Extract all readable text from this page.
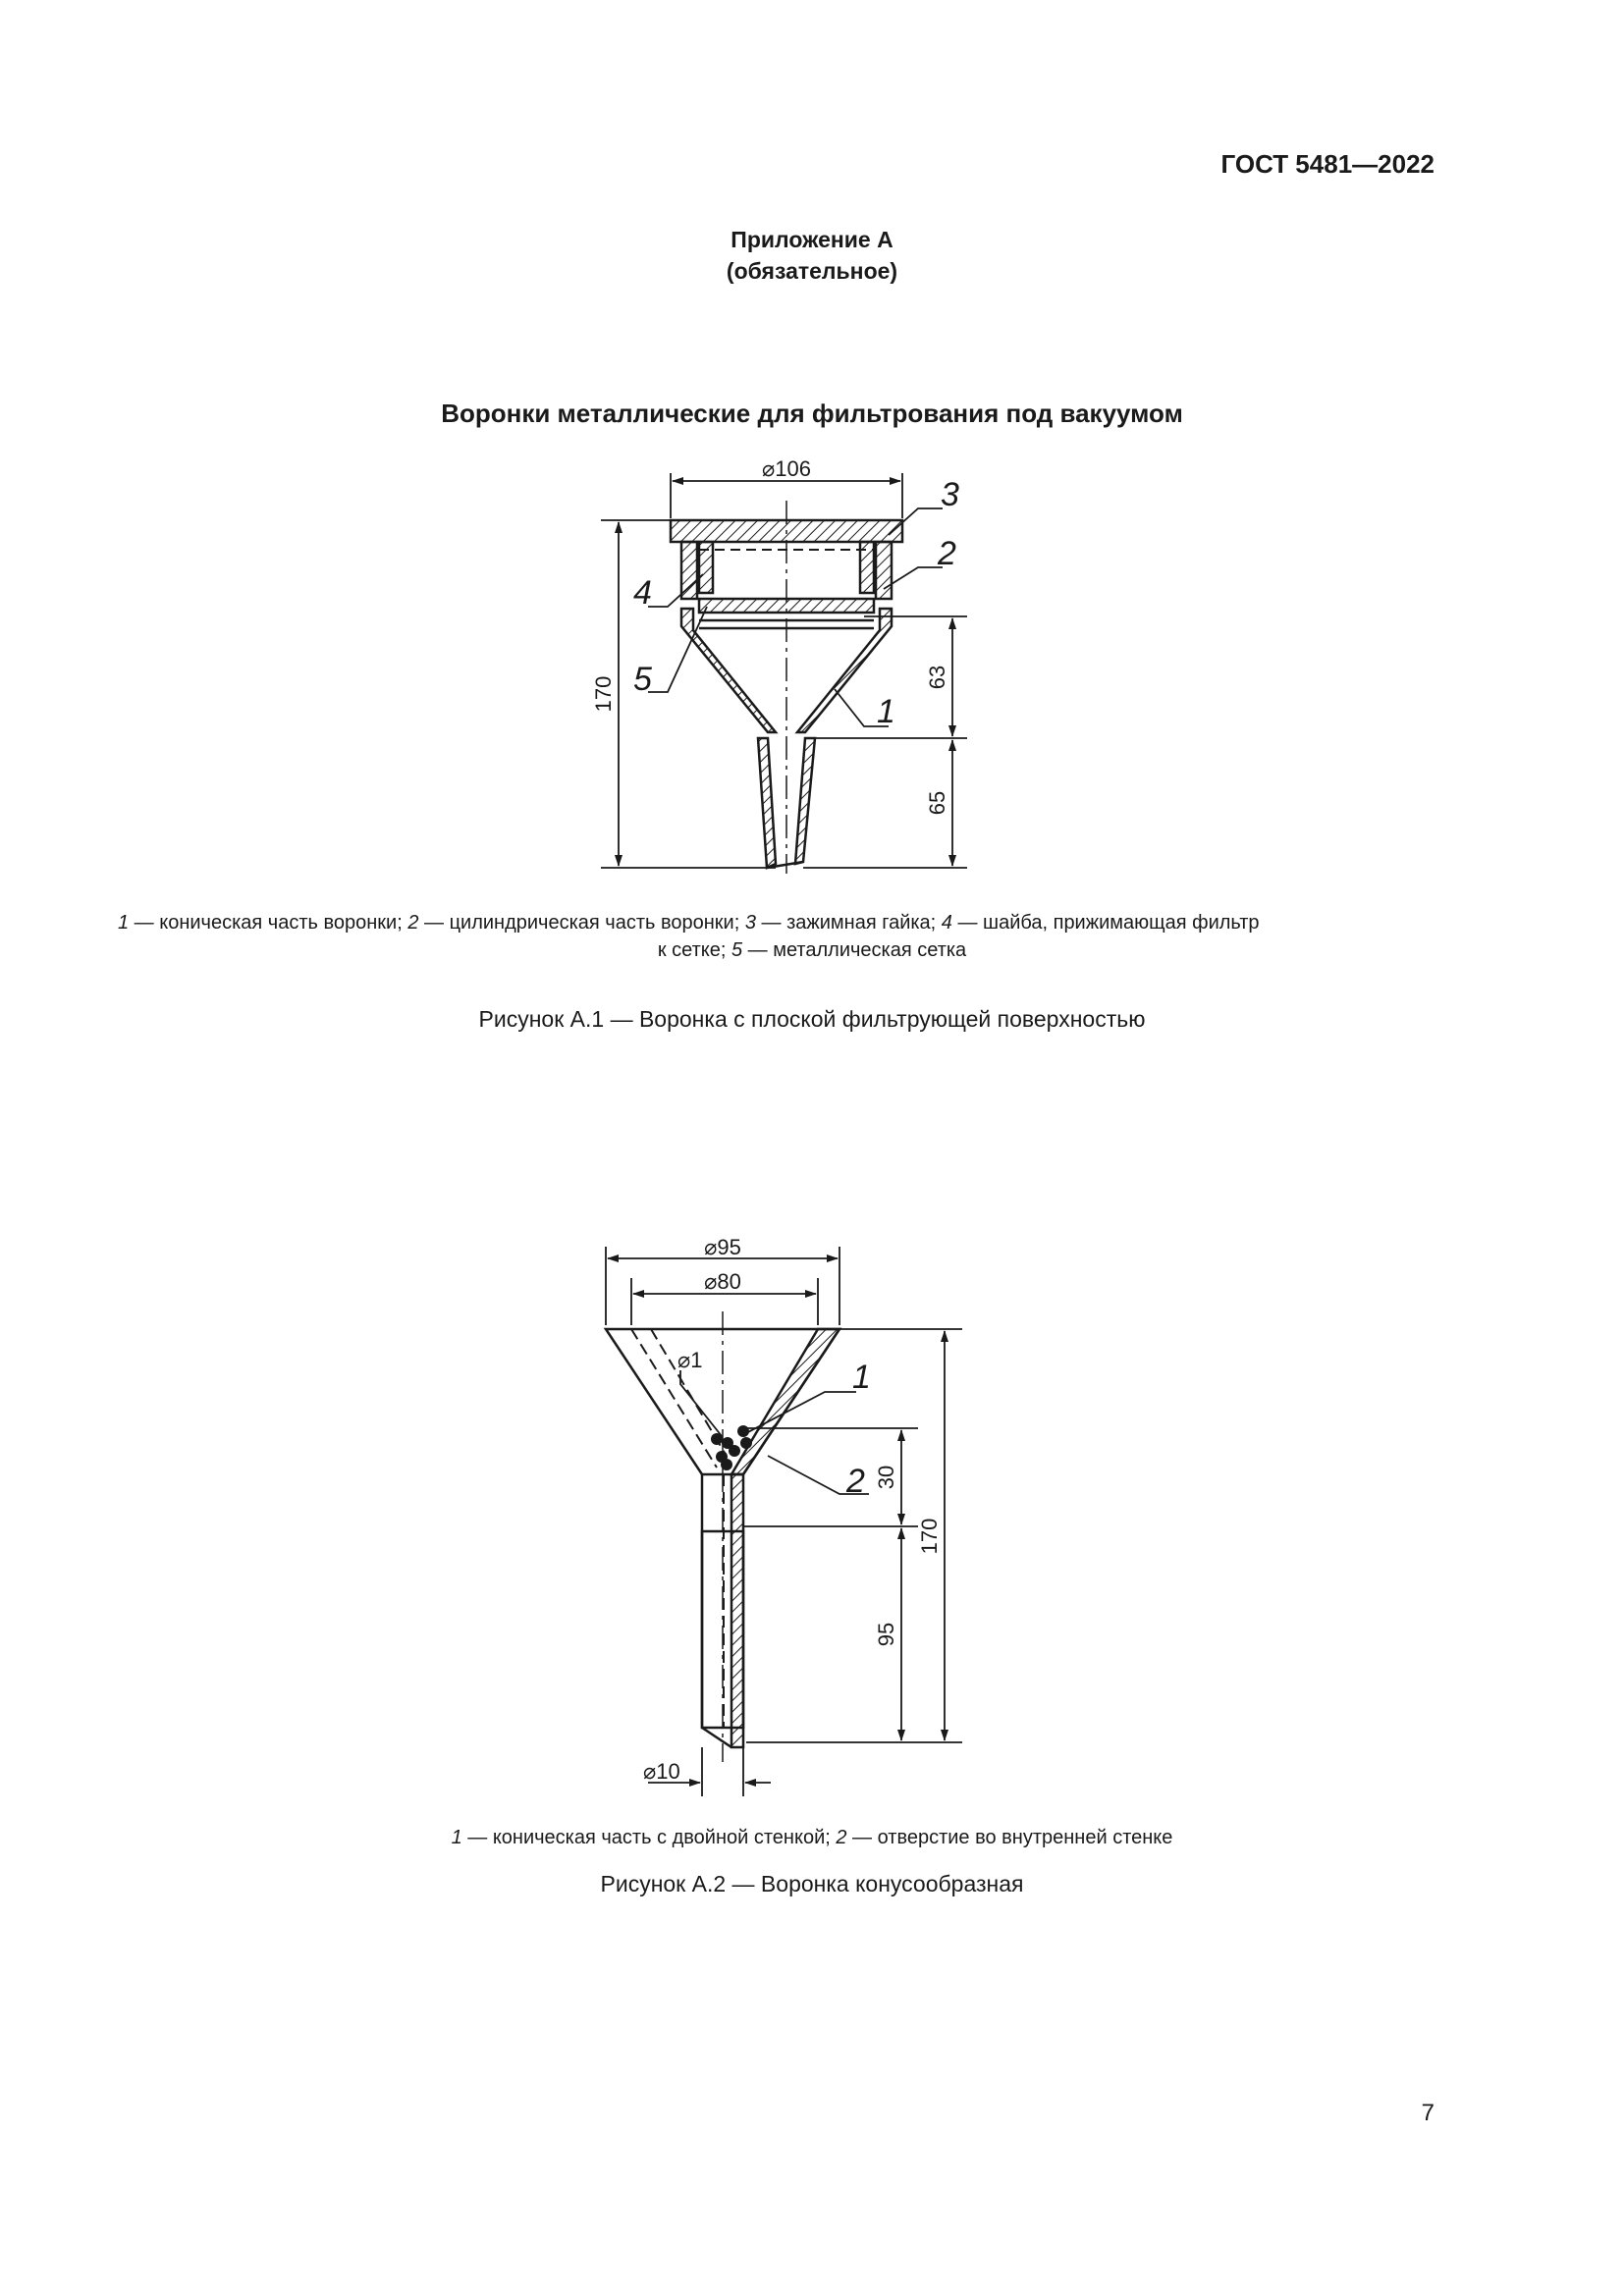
ГОСТ 5481—2022
Приложение А
(обязательное)
Воронки металлические для фильтрования под вакуумом
⌀106
170	63
65
3
2
4
5
1
⌀95
⌀80
⌀1
⌀10
30
95
170
1
2
1 — коническая часть воронки; 2 — цилиндрическая часть воронки; 3 — зажимная гайка; 4 — шайба, прижимающая фильтр
к сетке; 5 — металлическая сетка
Рисунок А.1 — Воронка с плоской фильтрующей поверхностью
1 — коническая часть с двойной стенкой; 2 — отверстие во внутренней стенке
Рисунок А.2 — Воронка конусообразная
7
